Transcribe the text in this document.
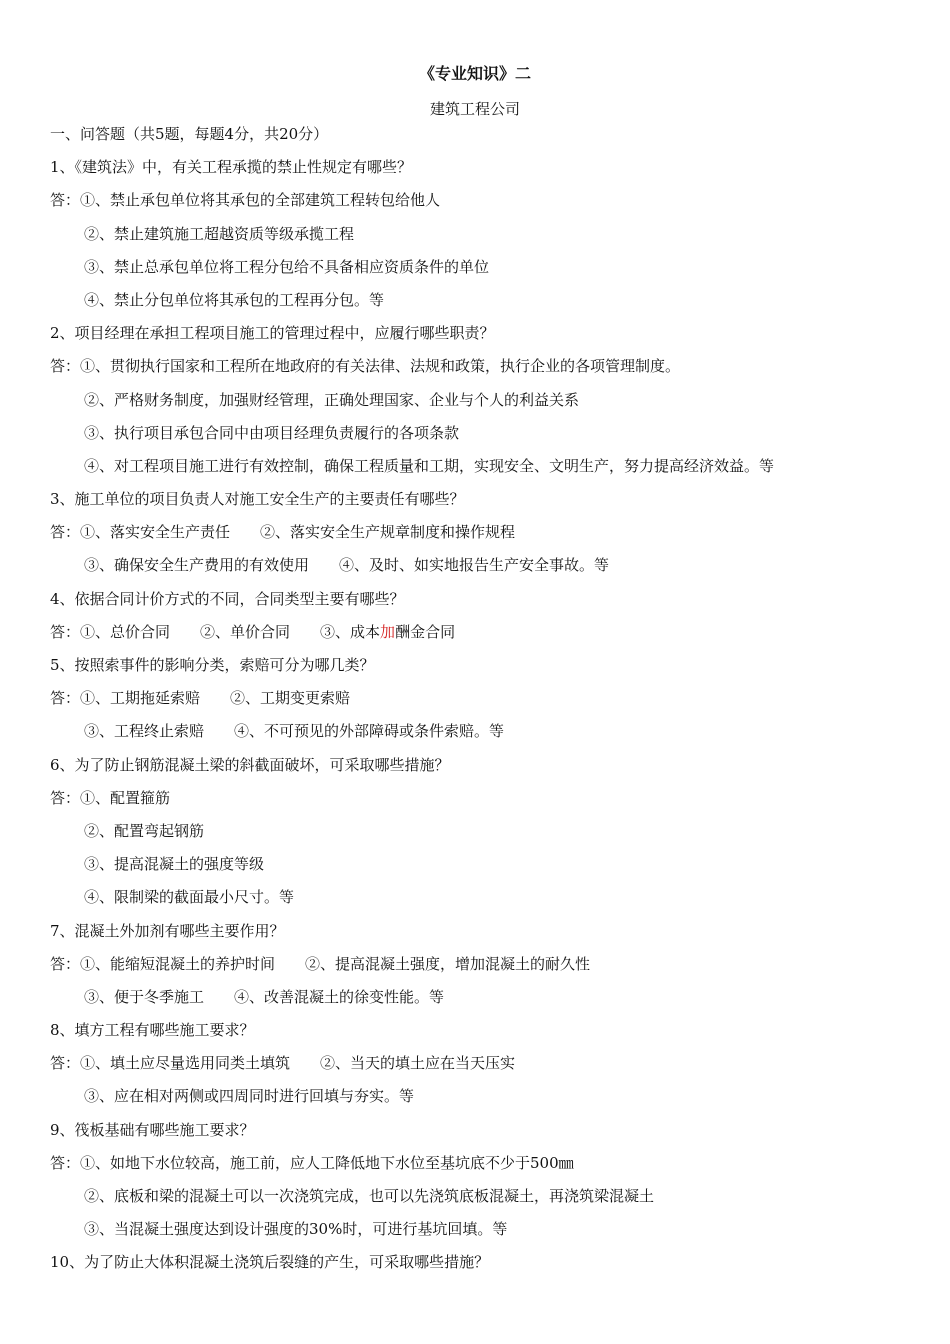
《专业知识》二
建筑工程公司
一、问答题（共5题，每题4分，共20分）
1、《建筑法》中，有关工程承揽的禁止性规定有哪些？
答：①、禁止承包单位将其承包的全部建筑工程转包给他人
②、禁止建筑施工超越资质等级承揽工程
③、禁止总承包单位将工程分包给不具备相应资质条件的单位
④、禁止分包单位将其承包的工程再分包。等
2、项目经理在承担工程项目施工的管理过程中，应履行哪些职责？
答：①、贯彻执行国家和工程所在地政府的有关法律、法规和政策，执行企业的各项管理制度。
②、严格财务制度，加强财经管理，正确处理国家、企业与个人的利益关系
③、执行项目承包合同中由项目经理负责履行的各项条款
④、对工程项目施工进行有效控制，确保工程质量和工期，实现安全、文明生产，努力提高经济效益。等
3、施工单位的项目负责人对施工安全生产的主要责任有哪些？
答：①、落实安全生产责任 ②、落实安全生产规章制度和操作规程
③、确保安全生产费用的有效使用 ④、及时、如实地报告生产安全事故。等
4、依据合同计价方式的不同，合同类型主要有哪些？
答：①、总价合同 ②、单价合同 ③、成本加酬金合同
5、按照索事件的影响分类，索赔可分为哪几类？
答：①、工期拖延索赔 ②、工期变更索赔
③、工程终止索赔 ④、不可预见的外部障碍或条件索赔。等
6、为了防止钢筋混凝土梁的斜截面破坏，可采取哪些措施？
答：①、配置箍筋
②、配置弯起钢筋
③、提高混凝土的强度等级
④、限制梁的截面最小尺寸。等
7、混凝土外加剂有哪些主要作用？
答：①、能缩短混凝土的养护时间 ②、提高混凝土强度，增加混凝土的耐久性
③、便于冬季施工 ④、改善混凝土的徐变性能。等
8、填方工程有哪些施工要求？
答：①、填土应尽量选用同类土填筑 ②、当天的填土应在当天压实
③、应在相对两侧或四周同时进行回填与夯实。等
9、筏板基础有哪些施工要求？
答：①、如地下水位较高，施工前，应人工降低地下水位至基坑底不少于500㎜
②、底板和梁的混凝土可以一次浇筑完成，也可以先浇筑底板混凝土，再浇筑梁混凝土
③、当混凝土强度达到设计强度的30%时，可进行基坑回填。等
10、为了防止大体积混凝土浇筑后裂缝的产生，可采取哪些措施？
